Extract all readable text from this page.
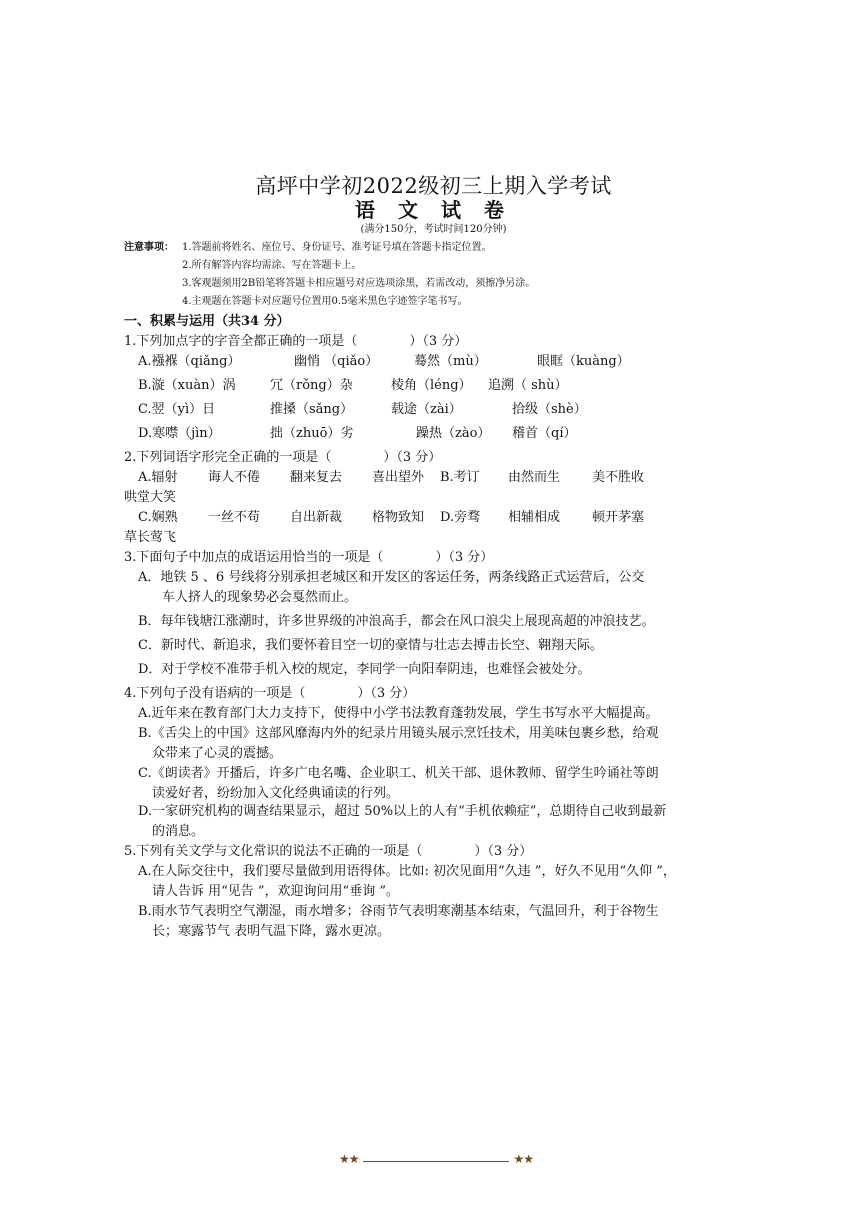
高坪中学初2022级初三上期入学考试
语 文 试 卷
(满分150分，考试时间120分钟)
注意事项： 1.答题前将姓名、座位号、身份证号、准考证号填在答题卡指定位置。
2.所有解答内容均需涂、写在答题卡上。
3.客观题须用2B铅笔将答题卡相应题号对应选项涂黑，若需改动，须擦净另涂。
4.主观题在答题卡对应题号位置用0.5毫米黑色字迹签字笔书写。
一、积累与运用（共34 分）
1.下列加点字的字音全都正确的一项是（　　　　）（3 分）
A.襁褓（qiǎng）	幽悄 （qiǎo）	蓦然（mù）	眼眶（kuàng）
B.漩（xuàn）涡	冗（rǒng）杂	棱角（léng） 追溯（ shù）
C.翌（yì）日	推搡（sǎng）	载途（zài）	拾级（shè）
D.寒噤（jìn）	拙（zhuō）劣	躁热（zào） 稽首（qí）
2.下列词语字形完全正确的一项是（　　　　）（3 分）
A.辐射 诲人不倦 翻来复去 喜出望外 B.考订 由然而生 美不胜收
哄堂大笑
C.娴熟 一丝不苟 自出新裁 格物致知 D.旁骛 相辅相成 顿开茅塞
草长莺飞
3.下面句子中加点的成语运用恰当的一项是（　　　　）（3 分）
A．地铁 5 、6 号线将分别承担老城区和开发区的客运任务，两条线路正式运营后，公交
车人挤人的现象势必会戛然而止。
B．每年钱塘江涨潮时，许多世界级的冲浪高手，都会在风口浪尖上展现高超的冲浪技艺。
C．新时代、新追求，我们要怀着目空一切的豪情与壮志去搏击长空、翱翔天际。
D．对于学校不准带手机入校的规定，李同学一向阳奉阴违，也难怪会被处分。
4.下列句子没有语病的一项是（　　　　）（3 分）
A.近年来在教育部门大力支持下，使得中小学书法教育蓬勃发展，学生书写水平大幅提高。
B.《舌尖上的中国》这部风靡海内外的纪录片用镜头展示烹饪技术，用美味包裹乡愁，给观
众带来了心灵的震撼。
C.《朗读者》开播后，许多广电名嘴、企业职工、机关干部、退休教师、留学生吟诵社等朗
读爱好者，纷纷加入文化经典诵读的行列。
D.一家研究机构的调查结果显示，超过 50%以上的人有“手机依赖症”，总期待自己收到最新
的消息。
5.下列有关文学与文化常识的说法不正确的一项是（　　　　）（3 分）
A.在人际交往中，我们要尽量做到用语得体。比如: 初次见面用“久违 ”，好久不见用“久仰 ”，
请人告诉 用“见告 ”，欢迎询问用“垂询 ”。
B.雨水节气表明空气潮湿，雨水增多；谷雨节气表明寒潮基本结束，气温回升，利于谷物生
长；寒露节气 表明气温下降，露水更凉。
★★	★★
